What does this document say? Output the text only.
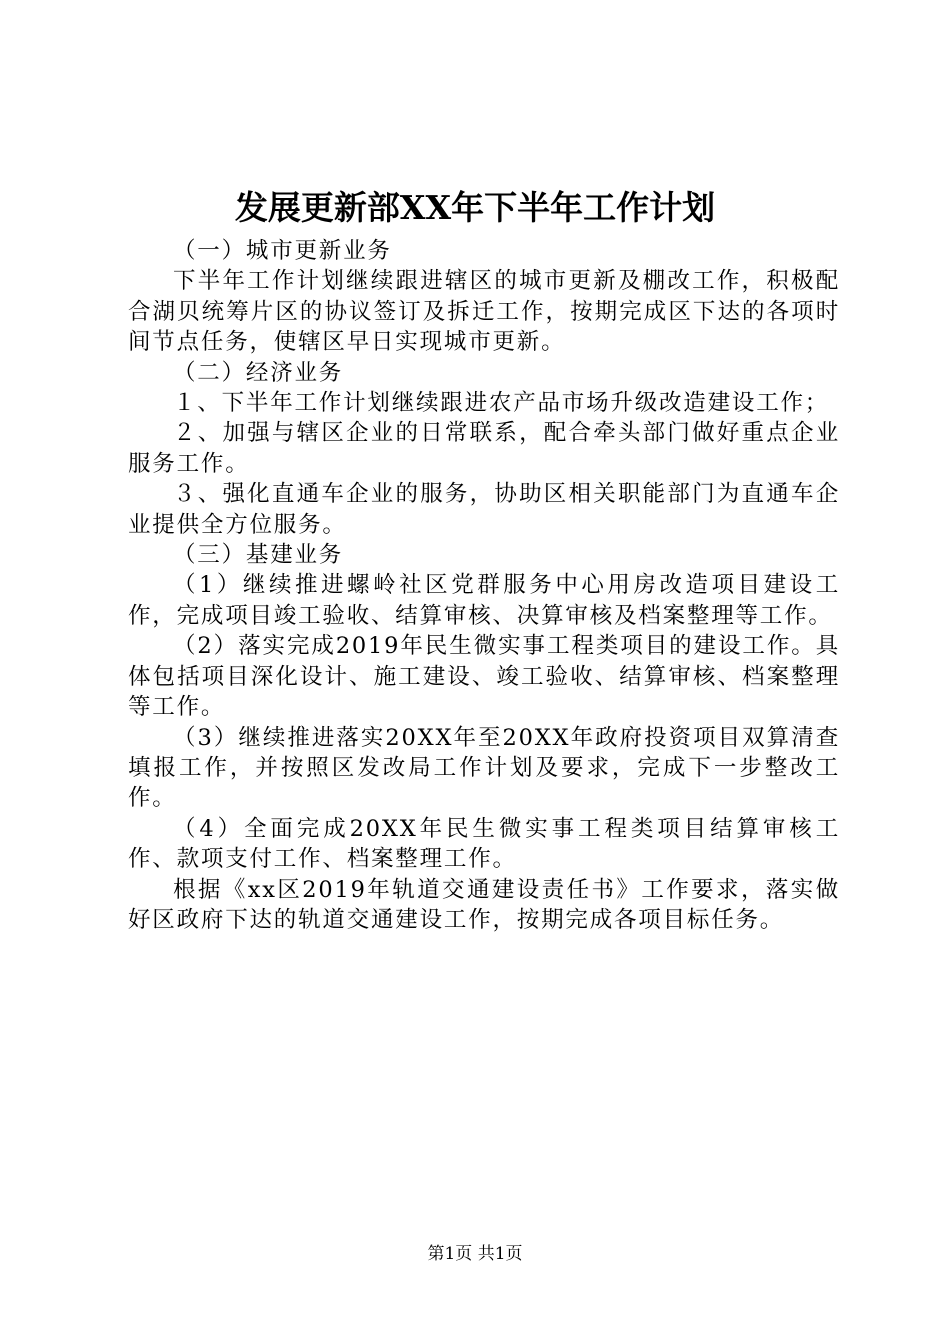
发展更新部XX年下半年工作计划

（一）城市更新业务

下半年工作计划继续跟进辖区的城市更新及棚改工作，积极配合湖贝统筹片区的协议签订及拆迁工作，按期完成区下达的各项时间节点任务，使辖区早日实现城市更新。

（二）经济业务

１、下半年工作计划继续跟进农产品市场升级改造建设工作；

２、加强与辖区企业的日常联系，配合牵头部门做好重点企业服务工作。

３、强化直通车企业的服务，协助区相关职能部门为直通车企业提供全方位服务。

（三）基建业务

（1）继续推进螺岭社区党群服务中心用房改造项目建设工作，完成项目竣工验收、结算审核、决算审核及档案整理等工作。

（2）落实完成2019年民生微实事工程类项目的建设工作。具体包括项目深化设计、施工建设、竣工验收、结算审核、档案整理等工作。

（3）继续推进落实20XX年至20XX年政府投资项目双算清查填报工作，并按照区发改局工作计划及要求，完成下一步整改工作。

（4）全面完成20XX年民生微实事工程类项目结算审核工作、款项支付工作、档案整理工作。

根据《xx区2019年轨道交通建设责任书》工作要求，落实做好区政府下达的轨道交通建设工作，按期完成各项目标任务。

第1页 共1页
